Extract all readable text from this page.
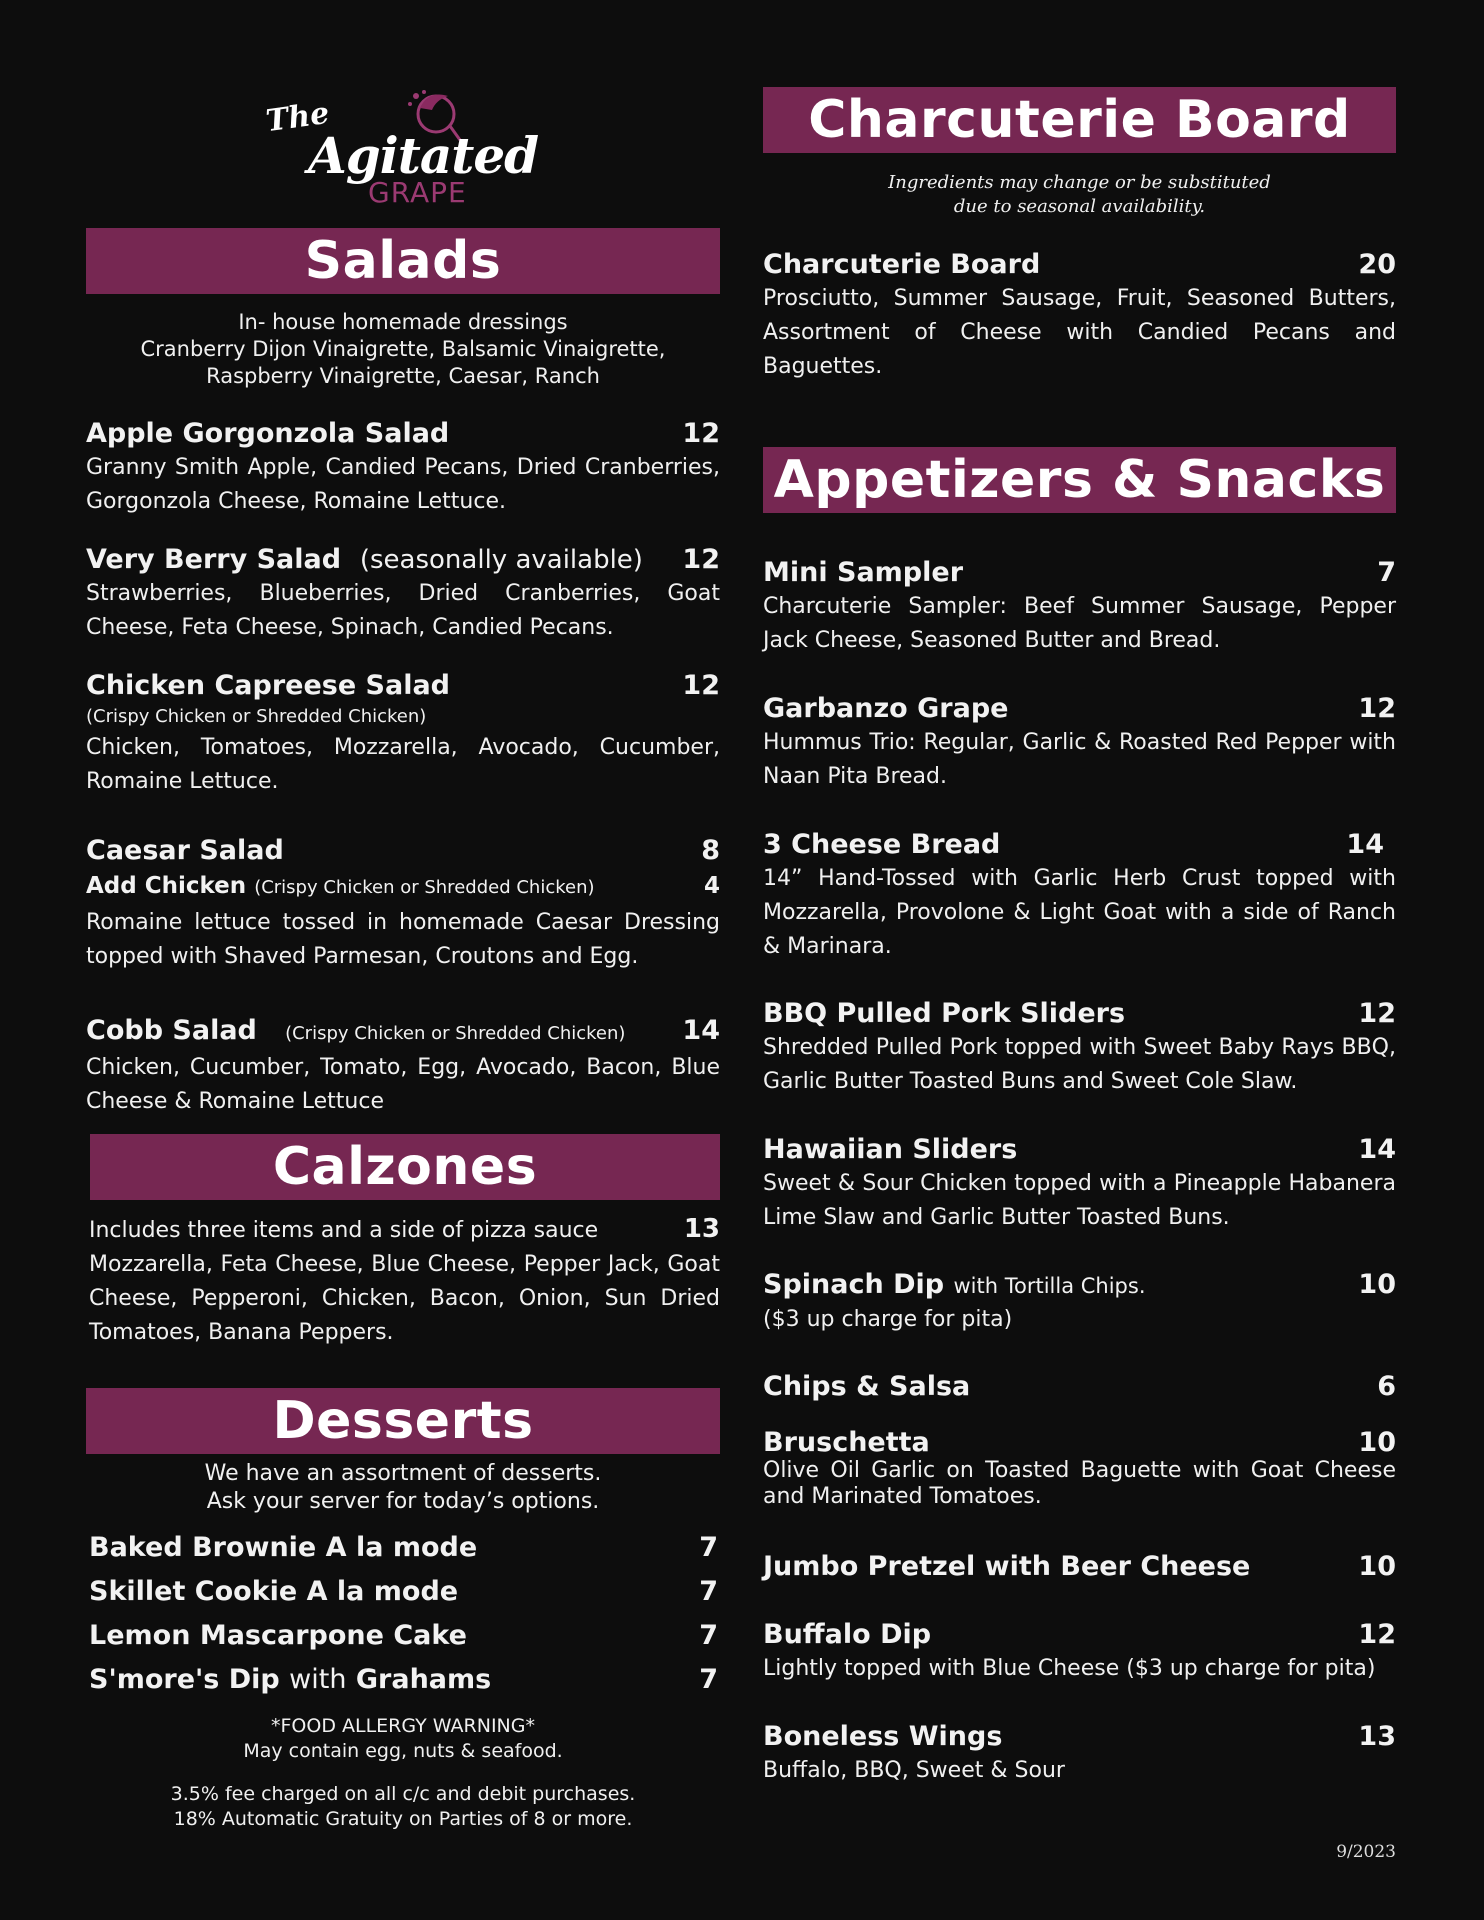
The
Agitated
GRAPE
Salads
In- house homemade dressings
Cranberry Dijon Vinaigrette, Balsamic Vinaigrette,
Raspberry Vinaigrette, Caesar, Ranch
Apple Gorgonzola Salad	12
Granny Smith Apple, Candied Pecans, Dried Cranberries, Gorgonzola Cheese, Romaine Lettuce.
Very Berry Salad (seasonally available) 12
Strawberries, Blueberries, Dried Cranberries, Goat Cheese, Feta Cheese, Spinach, Candied Pecans.
Chicken Capreese Salad	12
(Crispy Chicken or Shredded Chicken)
Chicken, Tomatoes, Mozzarella, Avocado, Cucumber, Romaine Lettuce.
Caesar Salad	8
Add Chicken (Crispy Chicken or Shredded Chicken)	4
Romaine lettuce tossed in homemade Caesar Dressing topped with Shaved Parmesan, Croutons and Egg.
Cobb Salad (Crispy Chicken or Shredded Chicken) 14
Chicken, Cucumber, Tomato, Egg, Avocado, Bacon, Blue Cheese & Romaine Lettuce
Calzones
Includes three items and a side of pizza sauce	13
Mozzarella, Feta Cheese, Blue Cheese, Pepper Jack, Goat Cheese, Pepperoni, Chicken, Bacon, Onion, Sun Dried Tomatoes, Banana Peppers.
Desserts
We have an assortment of desserts.
Ask your server for today’s options.
Baked Brownie A la mode	7
Skillet Cookie A la mode	7
Lemon Mascarpone Cake	7
S'more's Dip with Grahams	7
*FOOD ALLERGY WARNING*
May contain egg, nuts & seafood.
3.5% fee charged on all c/c and debit purchases.
18% Automatic Gratuity on Parties of 8 or more.
Charcuterie Board
Ingredients may change or be substituted
due to seasonal availability.
Charcuterie Board	20
Prosciutto, Summer Sausage, Fruit, Seasoned Butters, Assortment of Cheese with Candied Pecans and Baguettes.
Appetizers & Snacks
Mini Sampler	7
Charcuterie Sampler: Beef Summer Sausage, Pepper Jack Cheese, Seasoned Butter and Bread.
Garbanzo Grape	12
Hummus Trio: Regular, Garlic & Roasted Red Pepper with Naan Pita Bread.
3 Cheese Bread	14
14” Hand-Tossed with Garlic Herb Crust topped with Mozzarella, Provolone & Light Goat with a side of Ranch & Marinara.
BBQ Pulled Pork Sliders	12
Shredded Pulled Pork topped with Sweet Baby Rays BBQ, Garlic Butter Toasted Buns and Sweet Cole Slaw.
Hawaiian Sliders	14
Sweet & Sour Chicken topped with a Pineapple Habanera Lime Slaw and Garlic Butter Toasted Buns.
Spinach Dip with Tortilla Chips.	10
($3 up charge for pita)
Chips & Salsa	6
Bruschetta	10
Olive Oil Garlic on Toasted Baguette with Goat Cheese and Marinated Tomatoes.
Jumbo Pretzel with Beer Cheese	10
Buffalo Dip	12
Lightly topped with Blue Cheese ($3 up charge for pita)
Boneless Wings	13
Buffalo, BBQ, Sweet & Sour
9/2023
